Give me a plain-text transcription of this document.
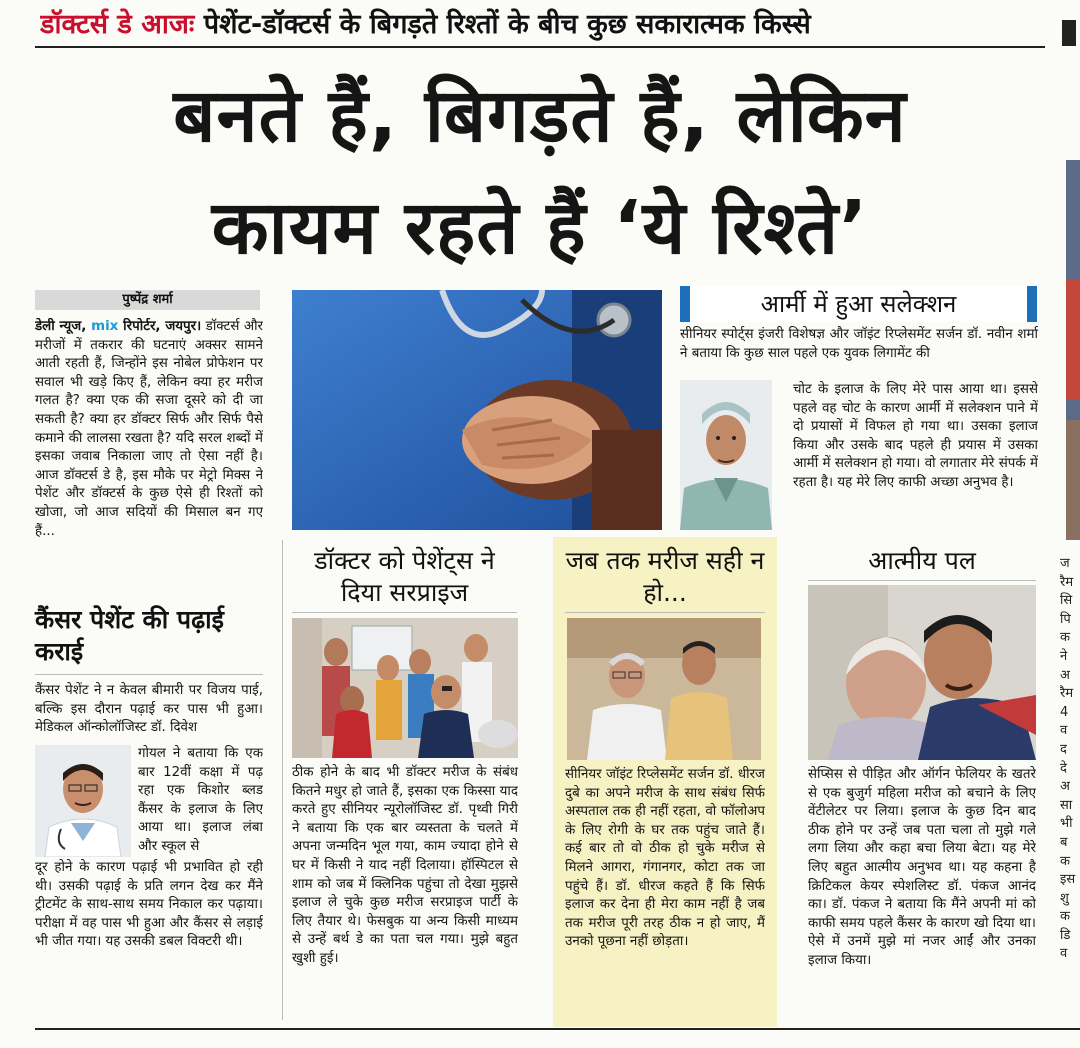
डॉक्टर्स डे आजः पेशेंट-डॉक्टर्स के बिगड़ते रिश्तों के बीच कुछ सकारात्मक किस्से
बनते हैं, बिगड़ते हैं, लेकिन
कायम रहते हैं ‘ये रिश्ते’
पुष्पेंद्र शर्मा
डेली न्यूज, mix रिपोर्टर, जयपुर। डॉक्टर्स और मरीजों में तकरार की घटनाएं अक्सर सामने आती रहती हैं, जिन्होंने इस नोबेल प्रोफेशन पर सवाल भी खड़े किए हैं, लेकिन क्या हर मरीज गलत है? क्या एक की सजा दूसरे को दी जा सकती है? क्या हर डॉक्टर सिर्फ और सिर्फ पैसे कमाने की लालसा रखता है? यदि सरल शब्दों में इसका जवाब निकाला जाए तो ऐसा नहीं है। आज डॉक्टर्स डे है, इस मौके पर मेट्रो मिक्स ने पेशेंट और डॉक्टर्स के कुछ ऐसे ही रिश्तों को खोजा, जो आज सदियों की मिसाल बन गए हैं...
कैंसर पेशेंट की पढ़ाई कराई
कैंसर पेशेंट ने न केवल बीमारी पर विजय पाई, बल्कि इस दौरान पढ़ाई कर पास भी हुआ। मेडिकल ऑन्कोलॉजिस्ट डॉ. दिवेश
गोयल ने बताया कि एक बार 12वीं कक्षा में पढ़ रहा एक किशोर ब्लड कैंसर के इलाज के लिए आया था। इलाज लंबा और स्कूल से
दूर होने के कारण पढ़ाई भी प्रभावित हो रही थी। उसकी पढ़ाई के प्रति लगन देख कर मैंने ट्रीटमेंट के साथ-साथ समय निकाल कर पढ़ाया। परीक्षा में वह पास भी हुआ और कैंसर से लड़ाई भी जीत गया। यह उसकी डबल विक्टरी थी।
आर्मी में हुआ सलेक्शन
सीनियर स्पोर्ट्स इंजरी विशेषज्ञ और जॉइंट रिप्लेसमेंट सर्जन डॉ. नवीन शर्मा ने बताया कि कुछ साल पहले एक युवक लिगामेंट की
चोट के इलाज के लिए मेरे पास आया था। इससे पहले वह चोट के कारण आर्मी में सलेक्शन पाने में दो प्रयासों में विफल हो गया था। उसका इलाज किया और उसके बाद पहले ही प्रयास में उसका आर्मी में सलेक्शन हो गया। वो लगातार मेरे संपर्क में रहता है। यह मेरे लिए काफी अच्छा अनुभव है।
डॉक्टर को पेशेंट्स ने दिया सरप्राइज
ठीक होने के बाद भी डॉक्टर मरीज के संबंध कितने मधुर हो जाते हैं, इसका एक किस्सा याद करते हुए सीनियर न्यूरोलॉजिस्ट डॉ. पृथ्वी गिरी ने बताया कि एक बार व्यस्तता के चलते में अपना जन्मदिन भूल गया, काम ज्यादा होने से घर में किसी ने याद नहीं दिलाया। हॉस्पिटल से शाम को जब में क्लिनिक पहुंचा तो देखा मुझसे इलाज ले चुके कुछ मरीज सरप्राइज पार्टी के लिए तैयार थे। फेसबुक या अन्य किसी माध्यम से उन्हें बर्थ डे का पता चल गया। मुझे बहुत खुशी हुई।
जब तक मरीज सही न हो...
सीनियर जॉइंट रिप्लेसमेंट सर्जन डॉ. धीरज दुबे का अपने मरीज के साथ संबंध सिर्फ अस्पताल तक ही नहीं रहता, वो फॉलोअप के लिए रोगी के घर तक पहुंच जाते हैं। कई बार तो वो ठीक हो चुके मरीज से मिलने आगरा, गंगानगर, कोटा तक जा पहुंचे हैं। डॉ. धीरज कहते हैं कि सिर्फ इलाज कर देना ही मेरा काम नहीं है जब तक मरीज पूरी तरह ठीक न हो जाए, मैं उनको पूछना नहीं छोड़ता।
आत्मीय पल
सेप्सिस से पीड़ित और ऑर्गन फेलियर के खतरे से एक बुजुर्ग महिला मरीज को बचाने के लिए वेंटीलेटर पर लिया। इलाज के कुछ दिन बाद ठीक होने पर उन्हें जब पता चला तो मुझे गले लगा लिया और कहा बचा लिया बेटा। यह मेरे लिए बहुत आत्मीय अनुभव था। यह कहना है क्रिटिकल केयर स्पेशलिस्ट डॉ. पंकज आनंद का। डॉ. पंकज ने बताया कि मैंने अपनी मां को काफी समय पहले कैंसर के कारण खो दिया था। ऐसे में उनमें मुझे मां नजर आईं और उनका इलाज किया।
ज
रैम
सि
पि
क
ने
अ
रैम
4
व
द
दे
अ
सा
भी
ब
क
इस
शु
क
डि
व
